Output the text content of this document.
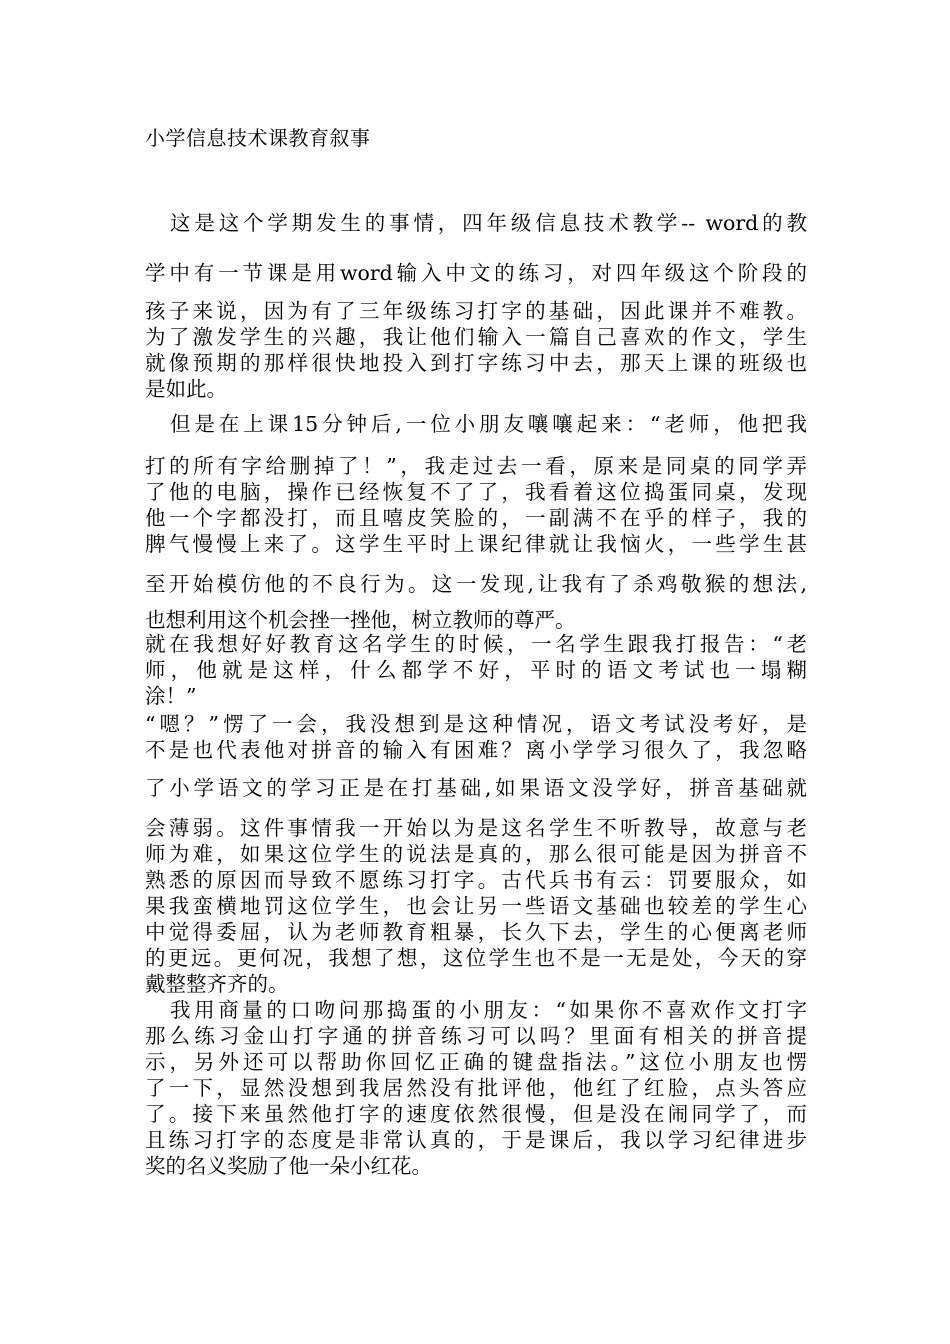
小学信息技术课教育叙事
这是这个学期发生的事情，四年级信息技术教学-- word的教
学中有一节课是用word输入中文的练习，对四年级这个阶段的
孩子来说，因为有了三年级练习打字的基础，因此课并不难教。
为了激发学生的兴趣，我让他们输入一篇自己喜欢的作文，学生
就像预期的那样很快地投入到打字练习中去，那天上课的班级也
是如此。
但是在上课15分钟后,一位小朋友嚷嚷起来：“老师，他把我
打的所有字给删掉了！”，我走过去一看，原来是同桌的同学弄
了他的电脑，操作已经恢复不了了，我看着这位捣蛋同桌，发现
他一个字都没打，而且嘻皮笑脸的，一副满不在乎的样子，我的
脾气慢慢上来了。这学生平时上课纪律就让我恼火，一些学生甚
至开始模仿他的不良行为。这一发现,让我有了杀鸡敬猴的想法,
也想利用这个机会挫一挫他，树立教师的尊严。
就在我想好好教育这名学生的时候，一名学生跟我打报告：“老
师，他就是这样，什么都学不好，平时的语文考试也一塌糊
涂！”
“嗯？”愣了一会，我没想到是这种情况，语文考试没考好，是
不是也代表他对拼音的输入有困难？离小学学习很久了，我忽略
了小学语文的学习正是在打基础,如果语文没学好，拼音基础就
会薄弱。这件事情我一开始以为是这名学生不听教导，故意与老
师为难，如果这位学生的说法是真的，那么很可能是因为拼音不
熟悉的原因而导致不愿练习打字。古代兵书有云：罚要服众，如
果我蛮横地罚这位学生，也会让另一些语文基础也较差的学生心
中觉得委屈，认为老师教育粗暴，长久下去，学生的心便离老师
的更远。更何况，我想了想，这位学生也不是一无是处，今天的穿
戴整整齐齐的。
我用商量的口吻问那捣蛋的小朋友：“如果你不喜欢作文打字
那么练习金山打字通的拼音练习可以吗？里面有相关的拼音提
示，另外还可以帮助你回忆正确的键盘指法。”这位小朋友也愣
了一下，显然没想到我居然没有批评他，他红了红脸，点头答应
了。接下来虽然他打字的速度依然很慢，但是没在闹同学了，而
且练习打字的态度是非常认真的，于是课后，我以学习纪律进步
奖的名义奖励了他一朵小红花。
